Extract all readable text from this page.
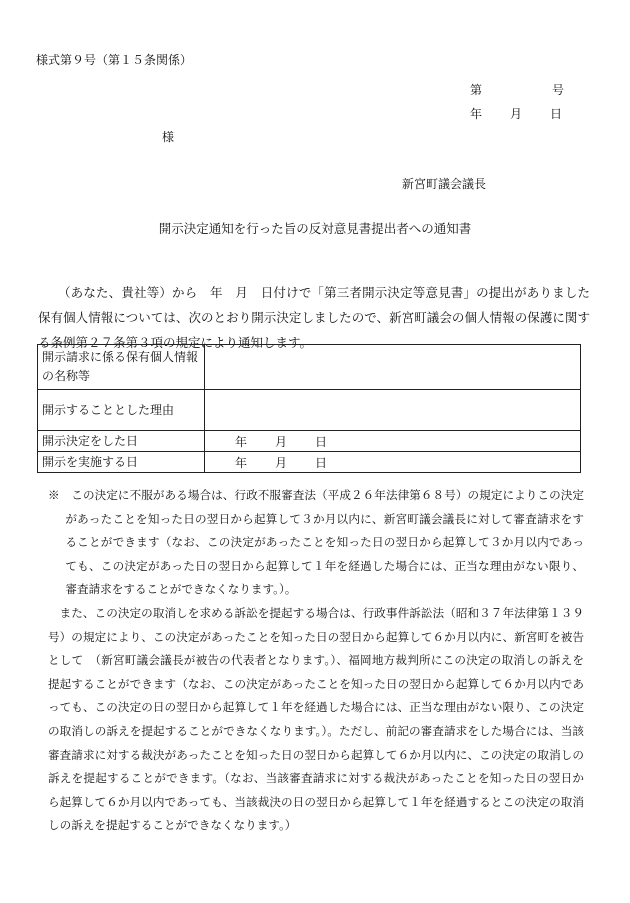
様式第９号（第１５条関係）
第	号
年 月 日
様
新宮町議会議長
開示決定通知を行った旨の反対意見書提出者への通知書

（あなた、貴社等）から　年　月　日付けで「第三者開示決定等意見書」の提出がありました保有個人情報については、次のとおり開示決定しましたので、新宮町議会の個人情報の保護に関する条例第２７条第３項の規定により通知します。

開示請求に係る保有個人情報の名称等	
開示することとした理由	
開示決定をした日	年 月 日
開示を実施する日	年 月 日

※　この決定に不服がある場合は、行政不服審査法（平成２６年法律第６８号）の規定によりこの決定があったことを知った日の翌日から起算して３か月以内に、新宮町議会議長に対して審査請求をすることができます（なお、この決定があったことを知った日の翌日から起算して３か月以内であっても、この決定があった日の翌日から起算して１年を経過した場合には、正当な理由がない限り、審査請求をすることができなくなります。）。

また、この決定の取消しを求める訴訟を提起する場合は、行政事件訴訟法（昭和３７年法律第１３９号）の規定により、この決定があったことを知った日の翌日から起算して６か月以内に、新宮町を被告として　（新宮町議会議長が被告の代表者となります。）、福岡地方裁判所にこの決定の取消しの訴えを提起することができます（なお、この決定があったことを知った日の翌日から起算して６か月以内であっても、この決定の日の翌日から起算して１年を経過した場合には、正当な理由がない限り、この決定の取消しの訴えを提起することができなくなります。）。ただし、前記の審査請求をした場合には、当該審査請求に対する裁決があったことを知った日の翌日から起算して６か月以内に、この決定の取消しの訴えを提起することができます。（なお、当該審査請求に対する裁決があったことを知った日の翌日から起算して６か月以内であっても、当該裁決の日の翌日から起算して１年を経過するとこの決定の取消しの訴えを提起することができなくなります。）
